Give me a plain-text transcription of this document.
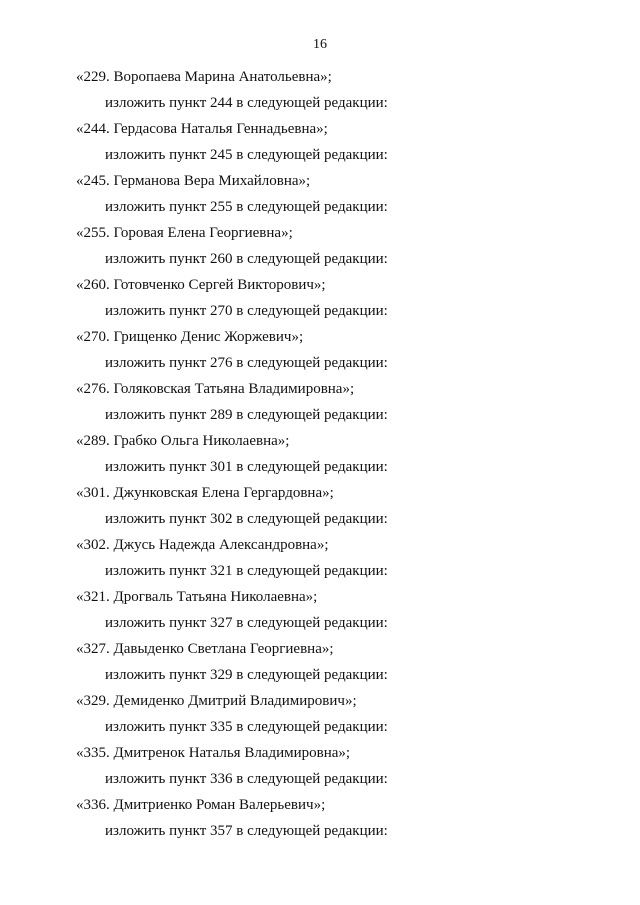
16
«229. Воропаева Марина Анатольевна»;
изложить пункт 244 в следующей редакции:
«244. Гердасова Наталья Геннадьевна»;
изложить пункт 245 в следующей редакции:
«245. Германова Вера Михайловна»;
изложить пункт 255 в следующей редакции:
«255. Горовая Елена Георгиевна»;
изложить пункт 260 в следующей редакции:
«260. Готовченко Сергей Викторович»;
изложить пункт 270 в следующей редакции:
«270. Грищенко Денис Жоржевич»;
изложить пункт 276 в следующей редакции:
«276. Голяковская Татьяна Владимировна»;
изложить пункт 289 в следующей редакции:
«289. Грабко Ольга Николаевна»;
изложить пункт 301 в следующей редакции:
«301. Джунковская Елена Гергардовна»;
изложить пункт 302 в следующей редакции:
«302. Джусь Надежда Александровна»;
изложить пункт 321 в следующей редакции:
«321. Дрогваль Татьяна Николаевна»;
изложить пункт 327 в следующей редакции:
«327. Давыденко Светлана Георгиевна»;
изложить пункт 329 в следующей редакции:
«329. Демиденко Дмитрий Владимирович»;
изложить пункт 335 в следующей редакции:
«335. Дмитренок Наталья Владимировна»;
изложить пункт 336 в следующей редакции:
«336. Дмитриенко Роман Валерьевич»;
изложить пункт 357 в следующей редакции:
